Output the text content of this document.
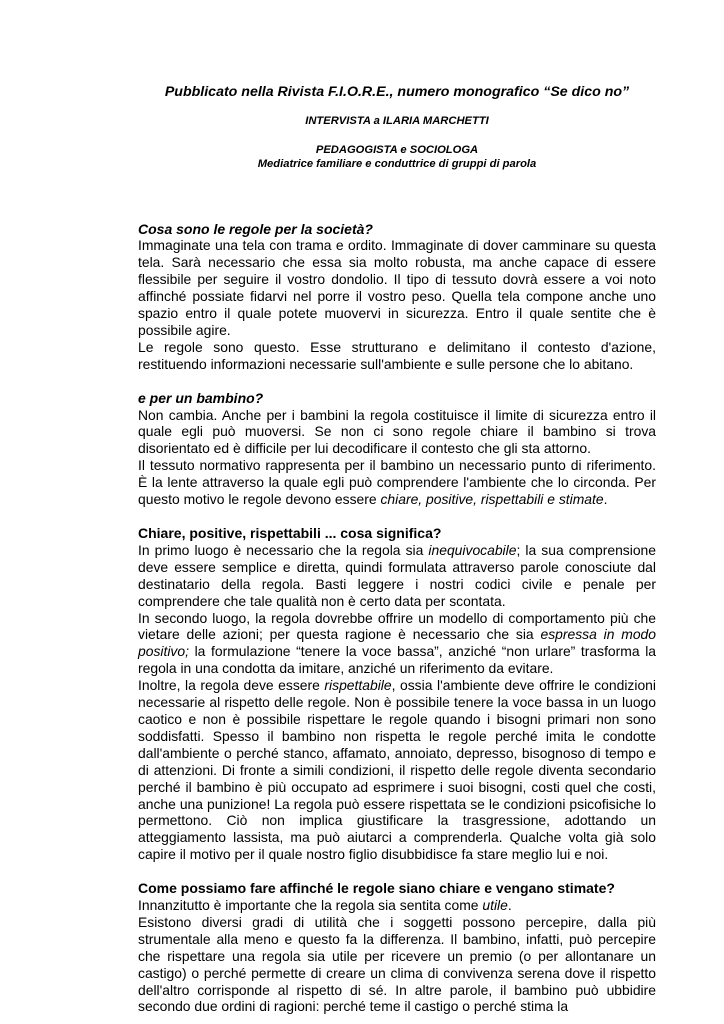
Pubblicato nella Rivista F.I.O.R.E., numero monografico “Se dico no”

INTERVISTA a ILARIA MARCHETTI

PEDAGOGISTA e SOCIOLOGA

Mediatrice familiare e conduttrice di gruppi di parola

Cosa sono le regole per la società?

Immaginate una tela con trama e ordito. Immaginate di dover camminare su questa tela. Sarà necessario che essa sia molto robusta, ma anche capace di essere flessibile per seguire il vostro dondolio. Il tipo di tessuto dovrà essere a voi noto affinché possiate fidarvi nel porre il vostro peso. Quella tela compone anche uno spazio entro il quale potete muovervi in sicurezza. Entro il quale sentite che è possibile agire.

Le regole sono questo. Esse strutturano e delimitano il contesto d'azione, restituendo informazioni necessarie sull'ambiente e sulle persone che lo abitano.

e per un bambino?

Non cambia. Anche per i bambini la regola costituisce il limite di sicurezza entro il quale egli può muoversi. Se non ci sono regole chiare il bambino si trova disorientato ed è difficile per lui decodificare il contesto che gli sta attorno.

Il tessuto normativo rappresenta per il bambino un necessario punto di riferimento. È la lente attraverso la quale egli può comprendere l'ambiente che lo circonda. Per questo motivo le regole devono essere chiare, positive, rispettabili e stimate.

Chiare, positive, rispettabili ... cosa significa?

In primo luogo è necessario che la regola sia inequivocabile; la sua comprensione deve essere semplice e diretta, quindi formulata attraverso parole conosciute dal destinatario della regola. Basti leggere i nostri codici civile e penale per comprendere che tale qualità non è certo data per scontata.

In secondo luogo, la regola dovrebbe offrire un modello di comportamento più che vietare delle azioni; per questa ragione è necessario che sia espressa in modo positivo; la formulazione “tenere la voce bassa”, anziché “non urlare” trasforma la regola in una condotta da imitare, anziché un riferimento da evitare.

Inoltre, la regola deve essere rispettabile, ossia l'ambiente deve offrire le condizioni necessarie al rispetto delle regole. Non è possibile tenere la voce bassa in un luogo caotico e non è possibile rispettare le regole quando i bisogni primari non sono soddisfatti. Spesso il bambino non rispetta le regole perché imita le condotte dall'ambiente o perché stanco, affamato, annoiato, depresso, bisognoso di tempo e di attenzioni. Di fronte a simili condizioni, il rispetto delle regole diventa secondario perché il bambino è più occupato ad esprimere i suoi bisogni, costi quel che costi, anche una punizione! La regola può essere rispettata se le condizioni psicofisiche lo permettono. Ciò non implica giustificare la trasgressione, adottando un atteggiamento lassista, ma può aiutarci a comprenderla. Qualche volta già solo capire il motivo per il quale nostro figlio disubbidisce fa stare meglio lui e noi.

Come possiamo fare affinché le regole siano chiare e vengano stimate?

Innanzitutto è importante che la regola sia sentita come utile.

Esistono diversi gradi di utilità che i soggetti possono percepire, dalla più strumentale alla meno e questo fa la differenza. Il bambino, infatti, può percepire che rispettare una regola sia utile per ricevere un premio (o per allontanare un castigo) o perché permette di creare un clima di convivenza serena dove il rispetto dell'altro corrisponde al rispetto di sé. In altre parole, il bambino può ubbidire secondo due ordini di ragioni: perché teme il castigo o perché stima la
